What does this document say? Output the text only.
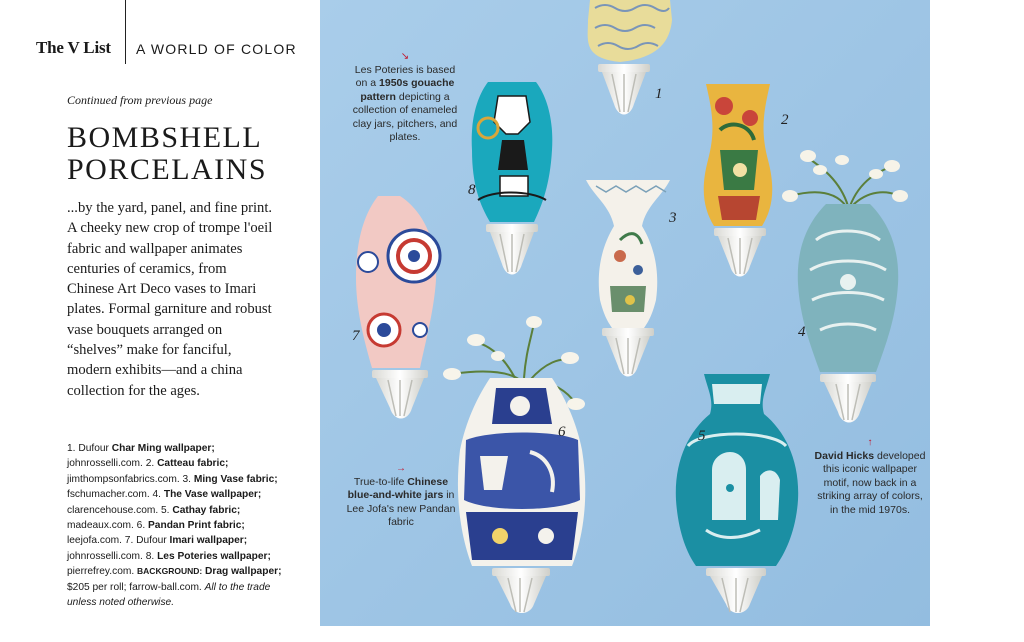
The V List A WORLD OF COLOR
Continued from previous page
BOMBSHELL
PORCELAINS
...by the yard, panel, and fine print. A cheeky new crop of trompe l'oeil fabric and wallpaper animates centuries of ceramics, from Chinese Art Deco vases to Imari plates. Formal garniture and robust vase bouquets arranged on “shelves” make for fanciful, modern exhibits—and a china collection for the ages.
1. Dufour Char Ming wallpaper; johnrosselli.com. 2. Catteau fabric; jimthompsonfabrics.com. 3. Ming Vase fabric; fschumacher.com. 4. The Vase wallpaper; clarencehouse.com. 5. Cathay fabric; madeaux.com. 6. Pandan Print fabric; leejofa.com. 7. Dufour Imari wallpaper; johnrosselli.com. 8. Les Poteries wallpaper; pierrefrey.com. BACKGROUND: Drag wallpaper; $205 per roll; farrow-ball.com. All to the trade unless noted otherwise.
1
2
3
4
5
6
7
8
↘
Les Poteries is based on a 1950s gouache pattern depicting a collection of enameled clay jars, pitchers, and plates.
→
True-to-life Chinese blue-and-white jars in Lee Jofa's new Pandan fabric
↑
David Hicks developed this iconic wallpaper motif, now back in a striking array of colors, in the mid 1970s.
